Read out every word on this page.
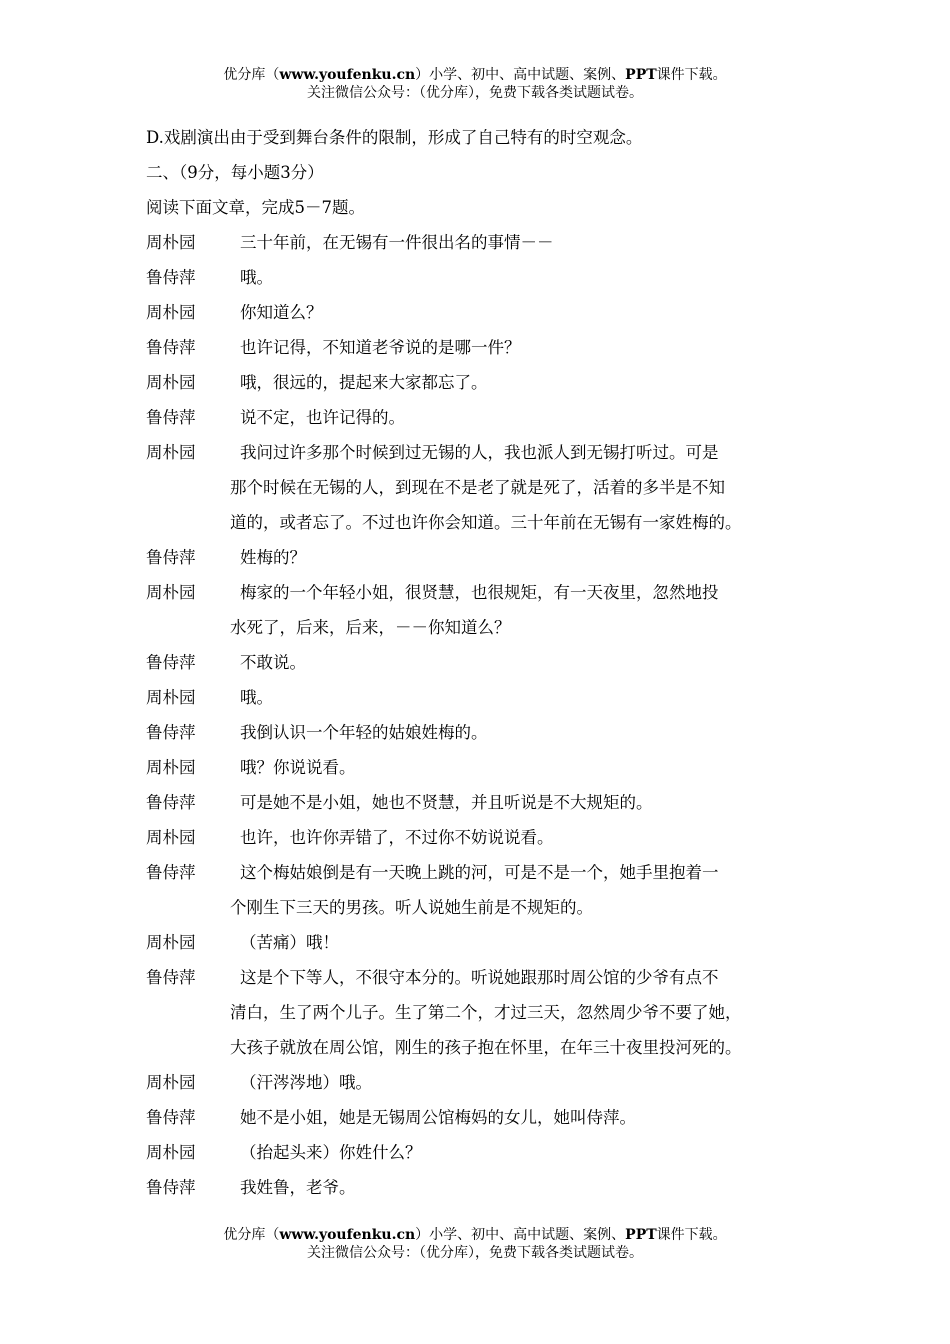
优分库（www.youfenku.cn）小学、初中、高中试题、案例、PPT课件下载。
关注微信公众号：（优分库），免费下载各类试题试卷。
D.戏剧演出由于受到舞台条件的限制，形成了自己特有的时空观念。
二、（9分，每小题3分）
阅读下面文章，完成5－7题。
周朴园	三十年前，在无锡有一件很出名的事情－－
鲁侍萍	哦。
周朴园	你知道么？
鲁侍萍	也许记得，不知道老爷说的是哪一件？
周朴园	哦，很远的，提起来大家都忘了。
鲁侍萍	说不定，也许记得的。
周朴园	我问过许多那个时候到过无锡的人，我也派人到无锡打听过。可是
那个时候在无锡的人，到现在不是老了就是死了，活着的多半是不知
道的，或者忘了。不过也许你会知道。三十年前在无锡有一家姓梅的。
鲁侍萍	姓梅的？
周朴园	梅家的一个年轻小姐，很贤慧，也很规矩，有一天夜里，忽然地投
水死了，后来，后来，－－你知道么？
鲁侍萍	不敢说。
周朴园	哦。
鲁侍萍	我倒认识一个年轻的姑娘姓梅的。
周朴园	哦？你说说看。
鲁侍萍	可是她不是小姐，她也不贤慧，并且听说是不大规矩的。
周朴园	也许，也许你弄错了，不过你不妨说说看。
鲁侍萍	这个梅姑娘倒是有一天晚上跳的河，可是不是一个，她手里抱着一
个刚生下三天的男孩。听人说她生前是不规矩的。
周朴园	（苦痛）哦！
鲁侍萍	这是个下等人，不很守本分的。听说她跟那时周公馆的少爷有点不
清白，生了两个儿子。生了第二个，才过三天，忽然周少爷不要了她，
大孩子就放在周公馆，刚生的孩子抱在怀里，在年三十夜里投河死的。
周朴园	（汗涔涔地）哦。
鲁侍萍	她不是小姐，她是无锡周公馆梅妈的女儿，她叫侍萍。
周朴园	（抬起头来）你姓什么？
鲁侍萍	我姓鲁，老爷。
优分库（www.youfenku.cn）小学、初中、高中试题、案例、PPT课件下载。
关注微信公众号：（优分库），免费下载各类试题试卷。
